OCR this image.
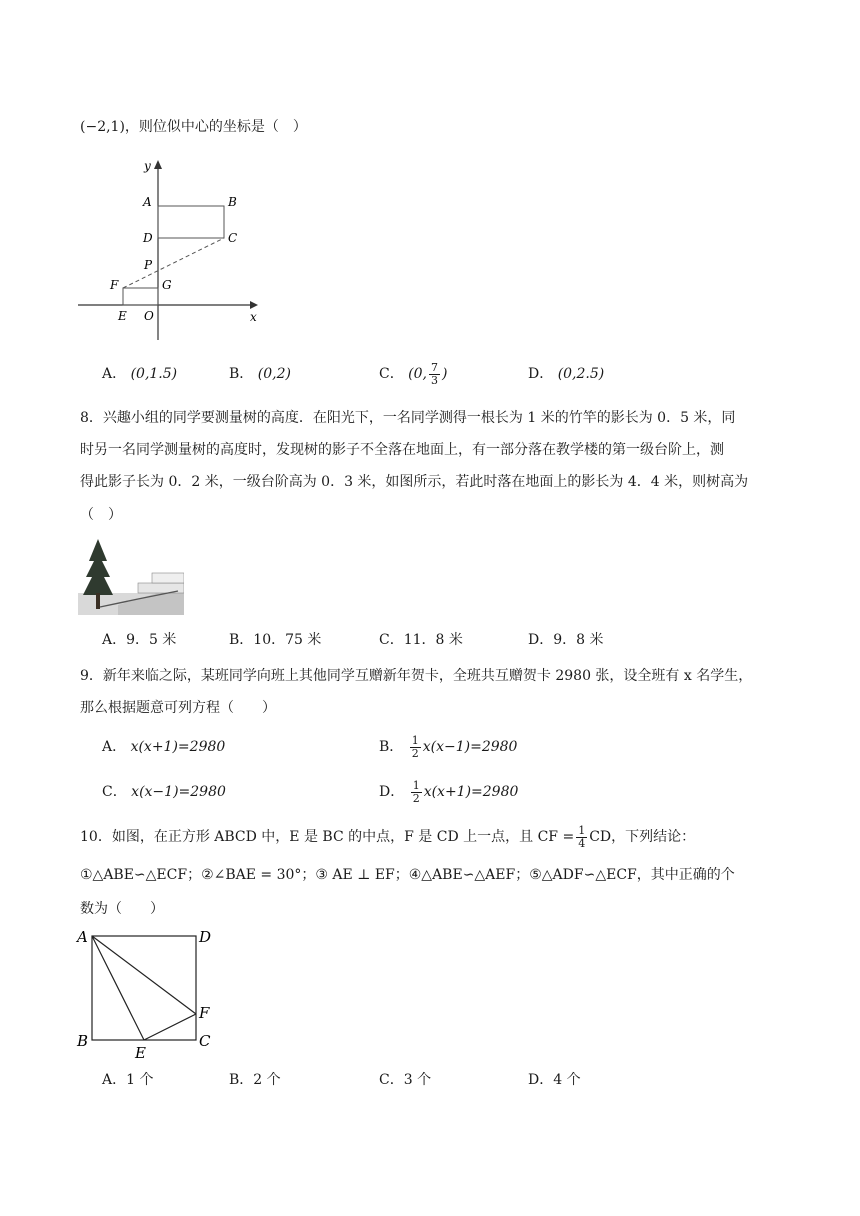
(−2,1)，则位似中心的坐标是（　）
y
x
A	B
C
D
P
F	G
E O
A． (0,1.5)	B． (0,2)	C． (0, $\frac{7}{3}$ )	D． (0,2.5)
8．兴趣小组的同学要测量树的高度．在阳光下，一名同学测得一根长为 1 米的竹竿的影长为 0．5 米，同
时另一名同学测量树的高度时，发现树的影子不全落在地面上，有一部分落在教学楼的第一级台阶上，测
得此影子长为 0．2 米，一级台阶高为 0．3 米，如图所示，若此时落在地面上的影长为 4．4 米，则树高为
（　）
A．9．5 米	B．10．75 米	C．11．8 米	D．9．8 米
9．新年来临之际，某班同学向班上其他同学互赠新年贺卡，全班共互赠贺卡 2980 张，设全班有 x 名学生，
那么根据题意可列方程（　　）
A． x(x+1)=2980	B． $\frac{1}{2} x(x-1)=2980$
C． x(x−1)=2980	D． $\frac{1}{2} x(x+1)=2980$
10．如图，在正方形 ABCD 中，E 是 BC 的中点，F 是 CD 上一点，且 CF = $\frac{1}{4}$ CD，下列结论：
①△ABE∽△ECF；②∠BAE = 30°；③ AE ⊥ EF；④△ABE∽△AEF；⑤△ADF∽△ECF，其中正确的个
数为（　　）
A	D
B	C
F
E
A．1 个	B．2 个	C．3 个	D．4 个
